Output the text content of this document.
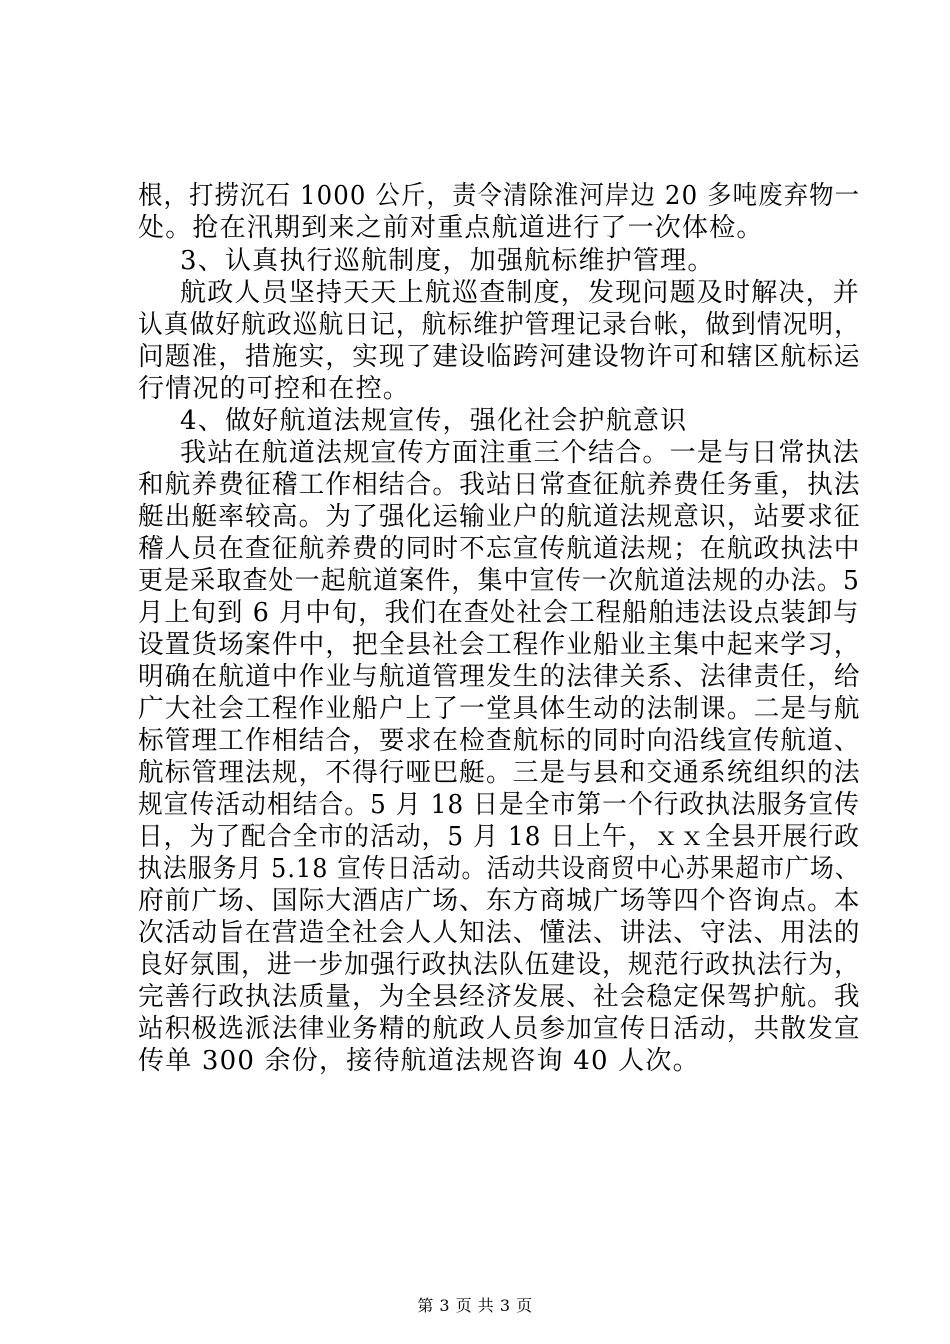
根，打捞沉石 1000 公斤，责令清除淮河岸边 20 多吨废弃物一
处。抢在汛期到来之前对重点航道进行了一次体检。
3、认真执行巡航制度，加强航标维护管理。
航政人员坚持天天上航巡查制度，发现问题及时解决，并
认真做好航政巡航日记，航标维护管理记录台帐，做到情况明，
问题准，措施实，实现了建设临跨河建设物许可和辖区航标运
行情况的可控和在控。
4、做好航道法规宣传，强化社会护航意识
我站在航道法规宣传方面注重三个结合。一是与日常执法
和航养费征稽工作相结合。我站日常查征航养费任务重，执法
艇出艇率较高。为了强化运输业户的航道法规意识，站要求征
稽人员在查征航养费的同时不忘宣传航道法规；在航政执法中
更是采取查处一起航道案件，集中宣传一次航道法规的办法。5
月上旬到 6 月中旬，我们在查处社会工程船舶违法设点装卸与
设置货场案件中，把全县社会工程作业船业主集中起来学习，
明确在航道中作业与航道管理发生的法律关系、法律责任，给
广大社会工程作业船户上了一堂具体生动的法制课。二是与航
标管理工作相结合，要求在检查航标的同时向沿线宣传航道、
航标管理法规，不得行哑巴艇。三是与县和交通系统组织的法
规宣传活动相结合。5 月 18 日是全市第一个行政执法服务宣传
日，为了配合全市的活动，5 月 18 日上午，ｘｘ全县开展行政
执法服务月 5.18 宣传日活动。活动共设商贸中心苏果超市广场、
府前广场、国际大酒店广场、东方商城广场等四个咨询点。本
次活动旨在营造全社会人人知法、懂法、讲法、守法、用法的
良好氛围，进一步加强行政执法队伍建设，规范行政执法行为，
完善行政执法质量，为全县经济发展、社会稳定保驾护航。我
站积极选派法律业务精的航政人员参加宣传日活动，共散发宣
传单 300 余份，接待航道法规咨询 40 人次。
第 3 页 共 3 页
